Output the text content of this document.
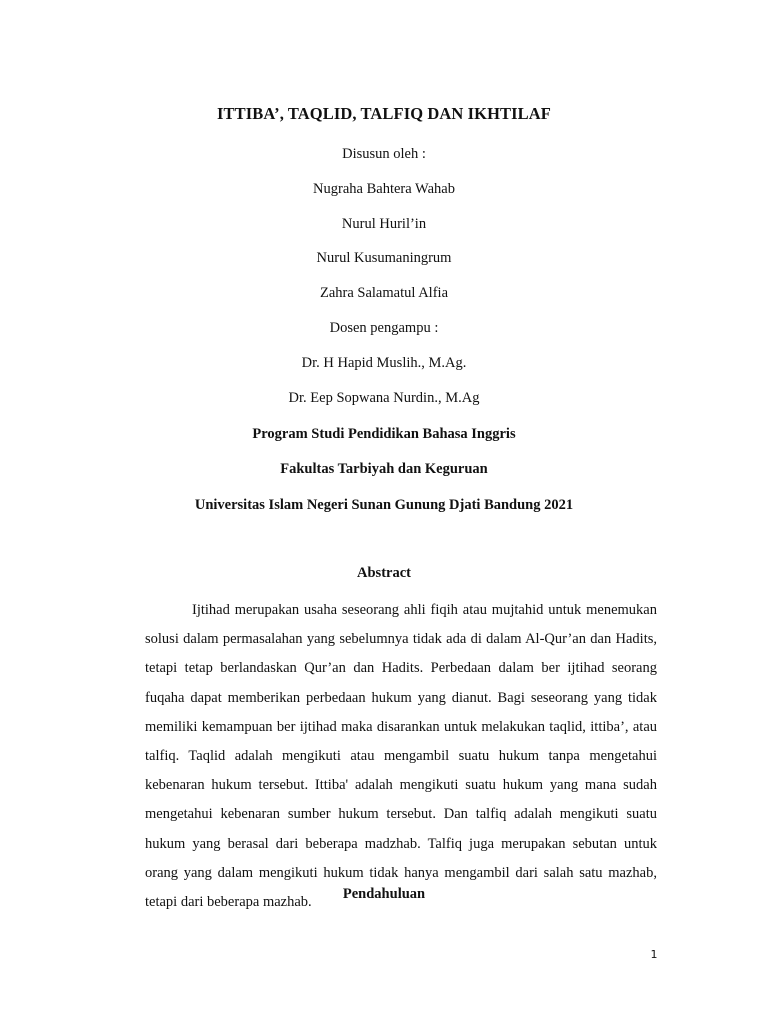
ITTIBA’, TAQLID, TALFIQ DAN IKHTILAF
Disusun oleh :
Nugraha Bahtera Wahab
Nurul Huril’in
Nurul Kusumaningrum
Zahra Salamatul Alfia
Dosen pengampu :
Dr. H Hapid Muslih., M.Ag.
Dr. Eep Sopwana Nurdin., M.Ag
Program Studi Pendidikan Bahasa Inggris
Fakultas Tarbiyah dan Keguruan
Universitas Islam Negeri Sunan Gunung Djati Bandung 2021
Abstract

Ijtihad merupakan usaha seseorang ahli fiqih atau mujtahid untuk menemukan solusi dalam permasalahan yang sebelumnya tidak ada di dalam Al-Qur’an dan Hadits, tetapi tetap berlandaskan Qur’an dan Hadits. Perbedaan dalam ber ijtihad seorang fuqaha dapat memberikan perbedaan hukum yang dianut. Bagi seseorang yang tidak memiliki kemampuan ber ijtihad maka disarankan untuk melakukan taqlid, ittiba’, atau talfiq. Taqlid adalah mengikuti atau mengambil suatu hukum tanpa mengetahui kebenaran hukum tersebut. Ittiba' adalah mengikuti suatu hukum yang mana sudah mengetahui kebenaran sumber hukum tersebut. Dan talfiq adalah mengikuti suatu hukum yang berasal dari beberapa madzhab. Talfiq juga merupakan sebutan untuk orang yang dalam mengikuti hukum tidak hanya mengambil dari salah satu mazhab, tetapi dari beberapa mazhab.

Pendahuluan
1
